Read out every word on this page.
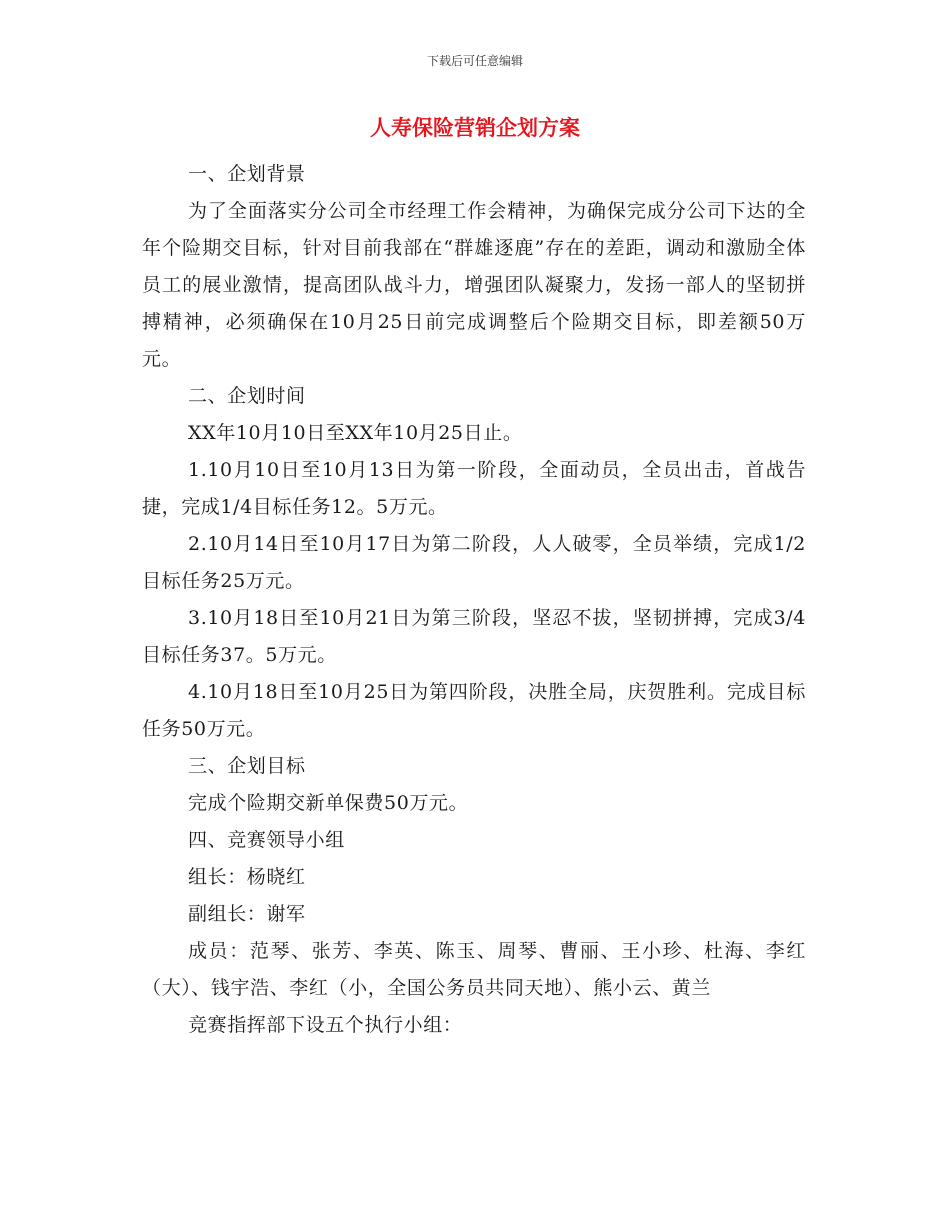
下载后可任意编辑
人寿保险营销企划方案

一、企划背景

为了全面落实分公司全市经理工作会精神，为确保完成分公司下达的全年个险期交目标，针对目前我部在“群雄逐鹿”存在的差距，调动和激励全体员工的展业激情，提高团队战斗力，增强团队凝聚力，发扬一部人的坚韧拼搏精神，必须确保在10月25日前完成调整后个险期交目标，即差额50万元。

二、企划时间

XX年10月10日至XX年10月25日止。

1.10月10日至10月13日为第一阶段，全面动员，全员出击，首战告捷，完成1/4目标任务12。5万元。

2.10月14日至10月17日为第二阶段，人人破零，全员举绩，完成1/2目标任务25万元。

3.10月18日至10月21日为第三阶段，坚忍不拔，坚韧拼搏，完成3/4目标任务37。5万元。

4.10月18日至10月25日为第四阶段，决胜全局，庆贺胜利。完成目标任务50万元。

三、企划目标

完成个险期交新单保费50万元。

四、竞赛领导小组

组长：杨晓红

副组长：谢军

成员：范琴、张芳、李英、陈玉、周琴、曹丽、王小珍、杜海、李红（大）、钱宇浩、李红（小，全国公务员共同天地）、熊小云、黄兰

竞赛指挥部下设五个执行小组：
